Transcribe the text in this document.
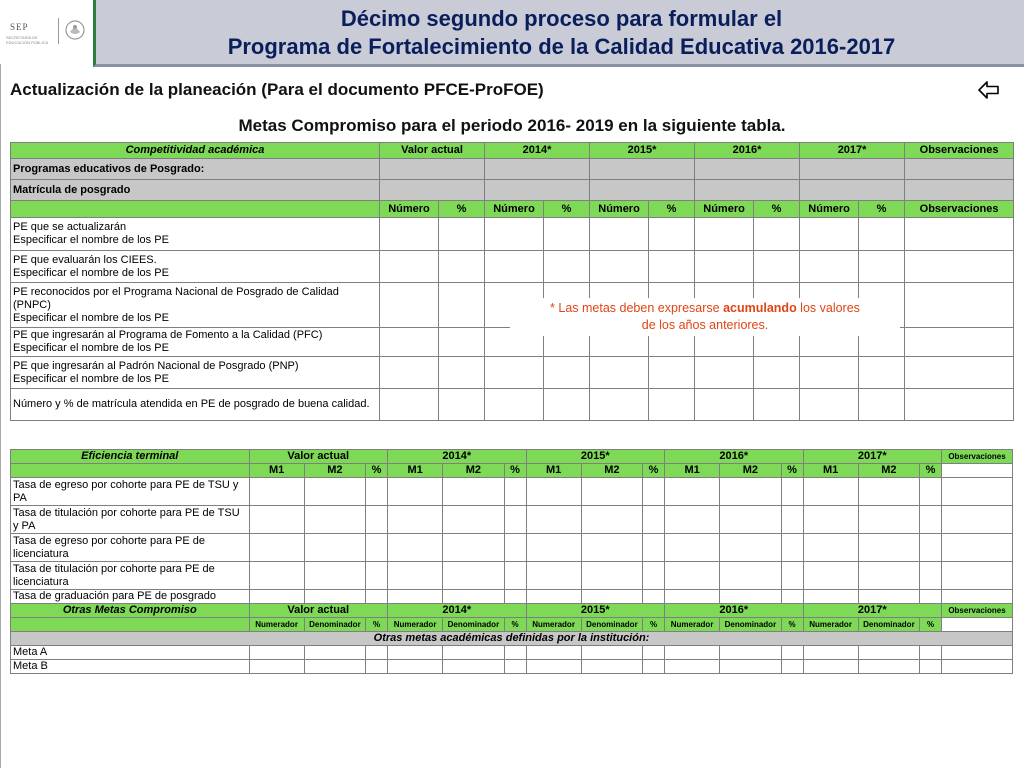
SEP
SECRETARÍA DE EDUCACIÓN PÚBLICA
Décimo segundo proceso para formular el
Programa de Fortalecimiento de la Calidad Educativa 2016-2017
Actualización de la planeación (Para el documento PFCE-ProFOE)
Metas Compromiso para el periodo 2016- 2019 en la siguiente tabla.
Competitividad académica	Valor actual		2014*		2015*		2016*		2017*		Observaciones
Programas educativos de Posgrado:											
Matrícula de posgrado											
	Número	%	Número	%	Número	%	Número	%	Número	%	Observaciones
PE que se actualizarán
Especificar el nombre de los PE											
PE que evaluarán los CIEES.
Especificar el nombre de los PE											
PE reconocidos por el Programa Nacional de Posgrado de Calidad (PNPC)
Especificar el nombre de los PE											
PE que ingresarán al Programa de Fomento a la Calidad (PFC)
Especificar el nombre de los PE											
PE que ingresarán al Padrón Nacional de Posgrado (PNP)
Especificar el nombre de los PE											
Número y % de matrícula atendida en PE de posgrado de buena calidad.											
* Las metas deben expresarse acumulando los valores
de los años anteriores.
Eficiencia terminal	Valor actual			2014*			2015*			2016*			2017*			Observaciones
	M1	M2	%	M1	M2	%	M1	M2	%	M1	M2	%	M1	M2	%	
Tasa de egreso por cohorte para PE de TSU y PA																
Tasa de titulación por cohorte para PE de TSU y PA																
Tasa de egreso por cohorte para PE de licenciatura																
Tasa de titulación por cohorte para PE de licenciatura																
Tasa de graduación para PE de posgrado																
Otras Metas Compromiso	Valor actual			2014*			2015*			2016*			2017*			Observaciones
	Numerador	Denominador	%	Numerador	Denominador	%	Numerador	Denominador	%	Numerador	Denominador	%	Numerador	Denominador	%	
Otras metas académicas definidas por la institución:																
Meta A																
Meta B																
